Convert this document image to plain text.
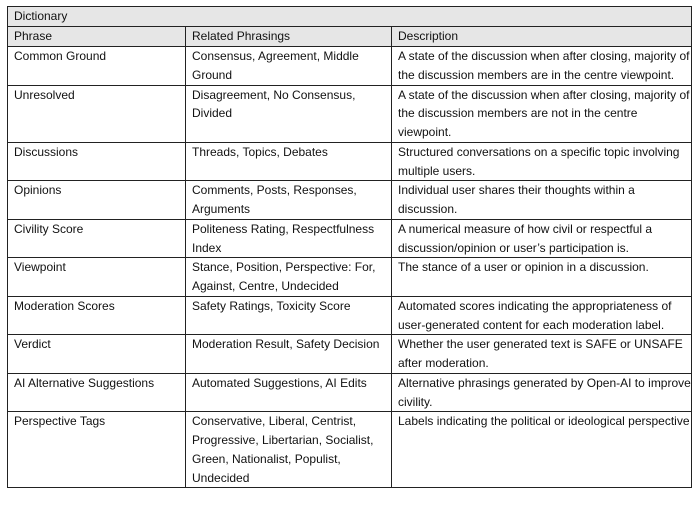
Dictionary		
Phrase	Related Phrasings	Description
Common Ground	Consensus, Agreement, Middle Ground	A state of the discussion when after closing, majority of the discussion members are in the centre viewpoint.
Unresolved	Disagreement, No Consensus, Divided	A state of the discussion when after closing, majority of the discussion members are not in the centre viewpoint.
Discussions	Threads, Topics, Debates	Structured conversations on a specific topic involving multiple users.
Opinions	Comments, Posts, Responses, Arguments	Individual user shares their thoughts within a discussion.
Civility Score	Politeness Rating, Respectfulness Index	A numerical measure of how civil or respectful a discussion/opinion or user’s participation is.
Viewpoint	Stance, Position, Perspective: For, Against, Centre, Undecided	The stance of a user or opinion in a discussion.
Moderation Scores	Safety Ratings, Toxicity Score	Automated scores indicating the appropriateness of user-generated content for each moderation label.
Verdict	Moderation Result, Safety Decision	Whether the user generated text is SAFE or UNSAFE after moderation.
AI Alternative Suggestions	Automated Suggestions, AI Edits	Alternative phrasings generated by Open-AI to improve civility.
Perspective Tags	Conservative, Liberal, Centrist, Progressive, Libertarian, Socialist, Green, Nationalist, Populist, Undecided	Labels indicating the political or ideological perspective
